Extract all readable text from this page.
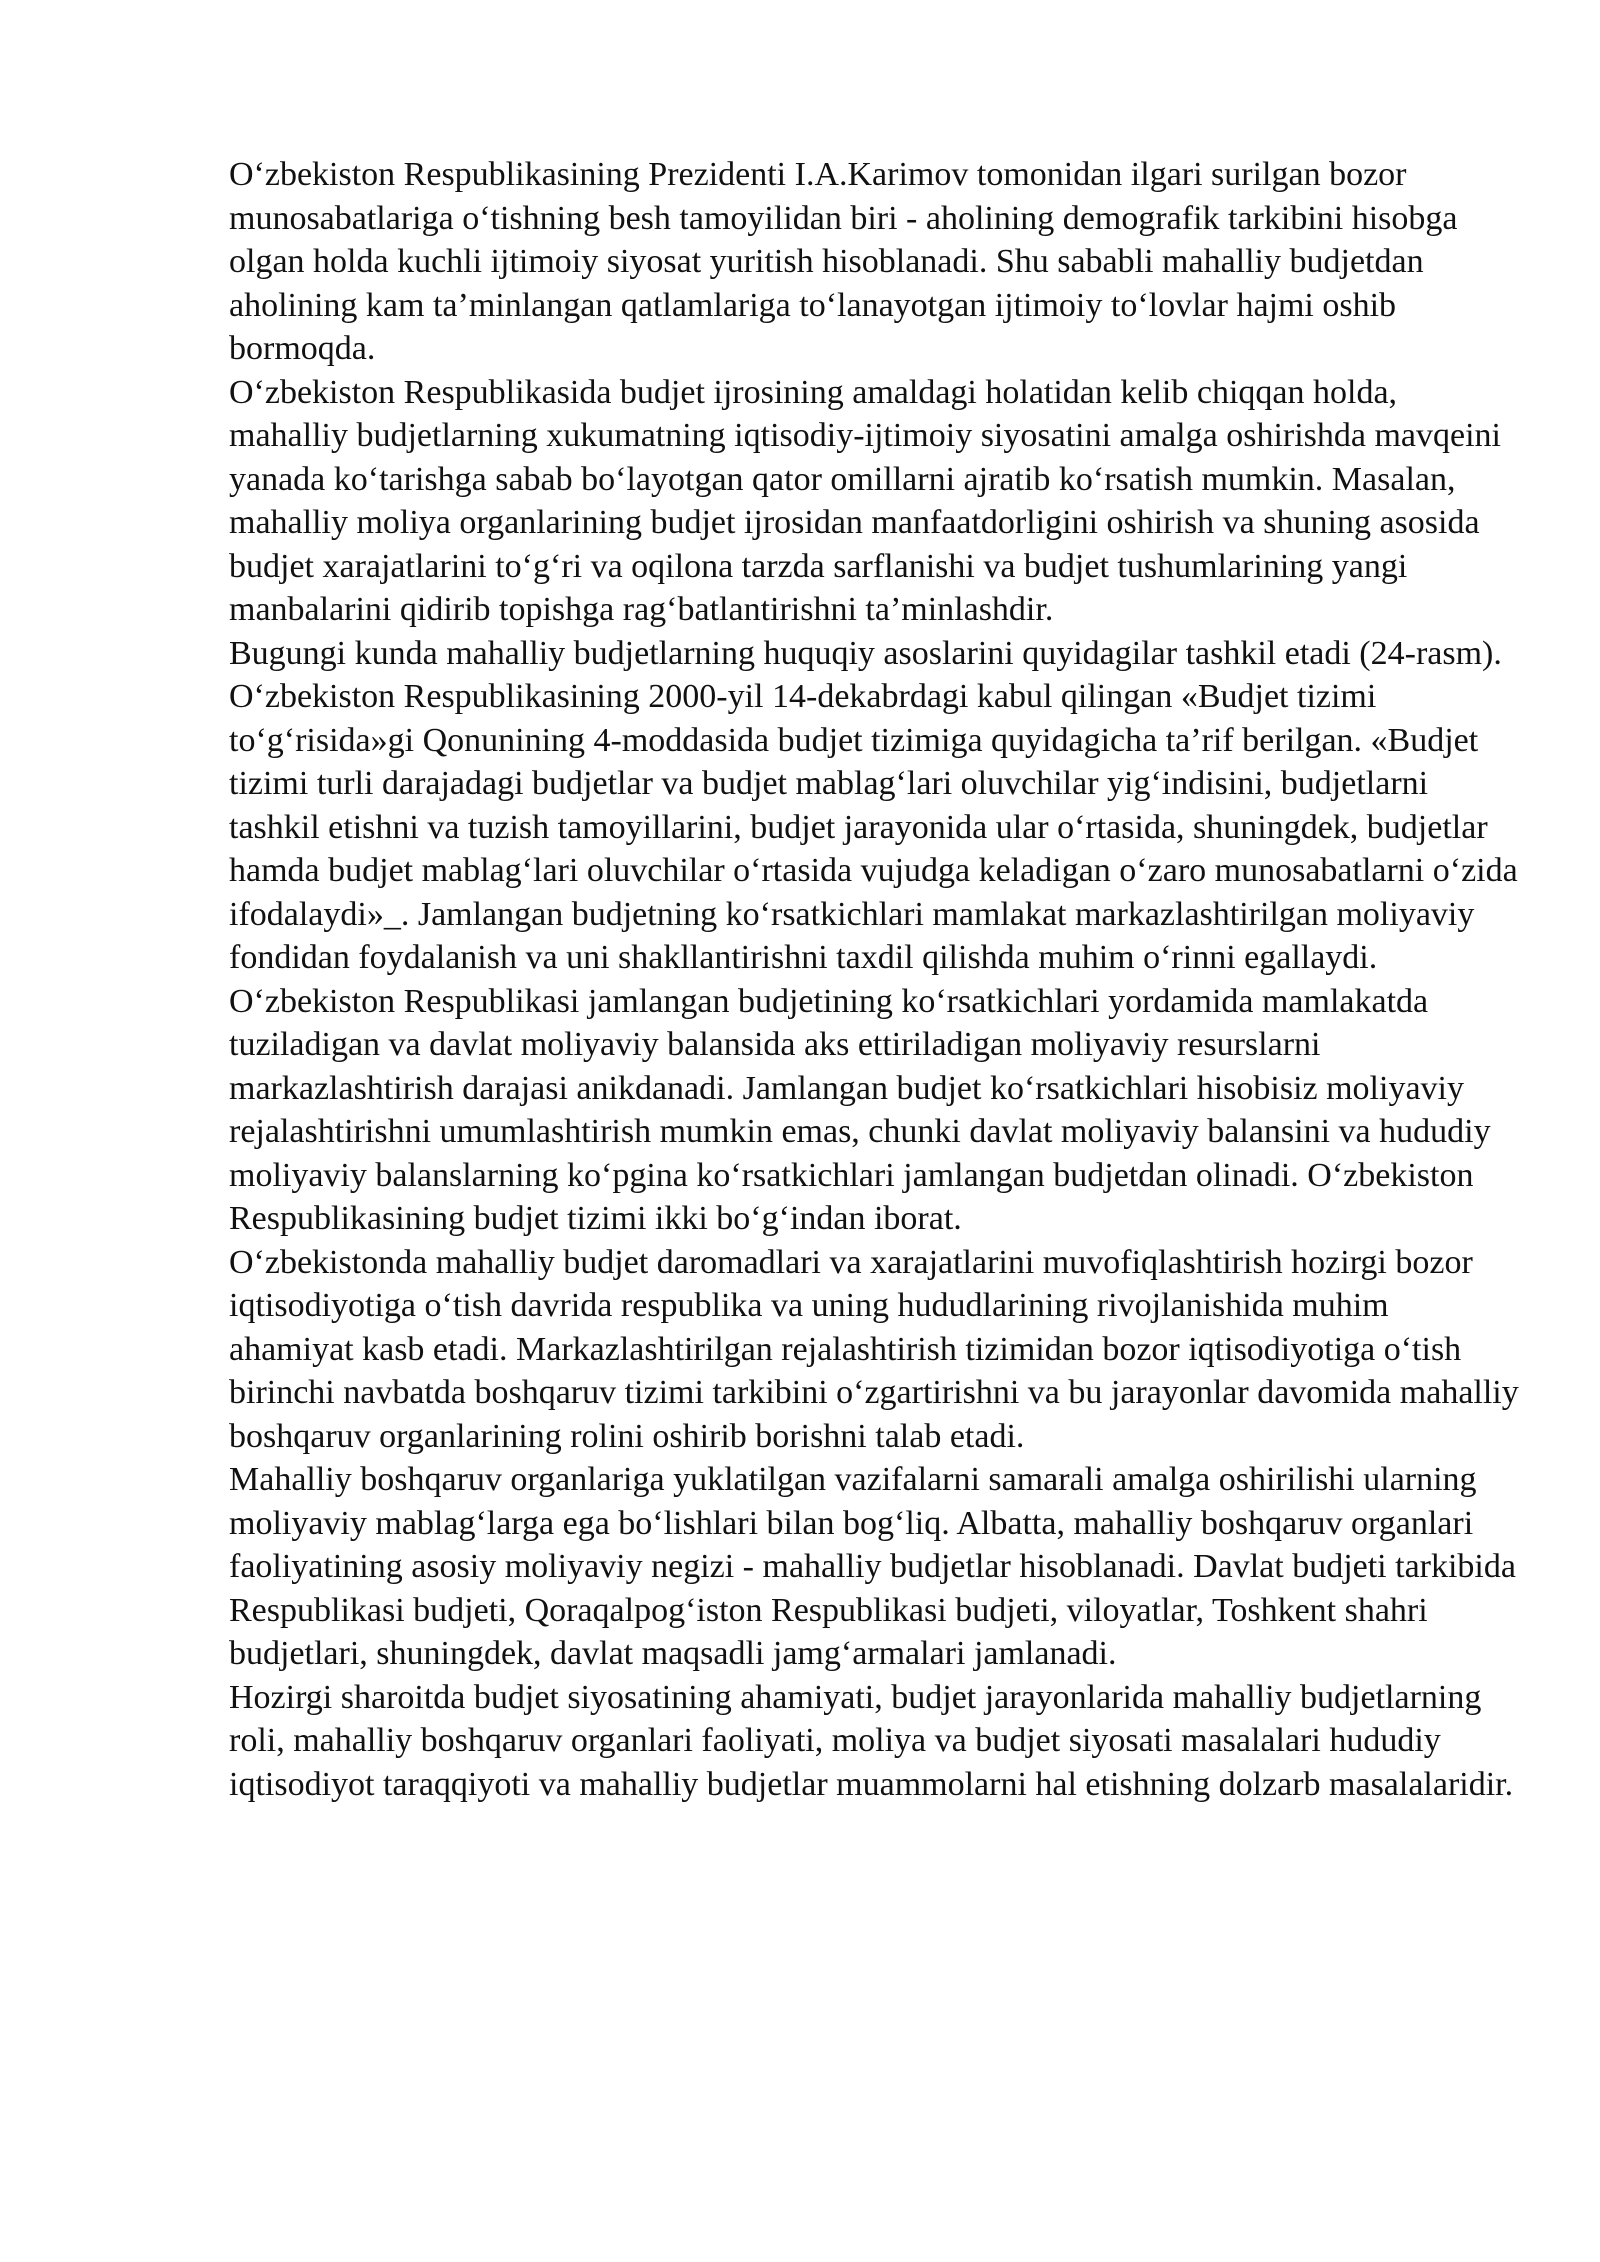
O‘zbekiston Respublikasining Prezidenti I.A.Karimov tomonidan ilgari surilgan bozor munosabatlariga o‘tishning besh tamoyilidan biri - aholining demografik tarkibini hisobga olgan holda kuchli ijtimoiy siyosat yuritish hisoblanadi. Shu sababli mahalliy budjetdan aholining kam ta’minlangan qatlamlariga to‘lanayotgan ijtimoiy to‘lovlar hajmi oshib bormoqda.

O‘zbekiston Respublikasida budjet ijrosining amaldagi holatidan kelib chiqqan holda, mahalliy budjetlarning xukumatning iqtisodiy-ijtimoiy siyosatini amalga oshirishda mavqeini yanada ko‘tarishga sabab bo‘layotgan qator omillarni ajratib ko‘rsatish mumkin. Masalan, mahalliy moliya organlarining budjet ijrosidan manfaatdorligini oshirish va shuning asosida budjet xarajatlarini to‘g‘ri va oqilona tarzda sarflanishi va budjet tushumlarining yangi manbalarini qidirib topishga rag‘batlantirishni ta’minlashdir.

Bugungi kunda mahalliy budjetlarning huquqiy asoslarini quyidagilar tashkil etadi (24-rasm).

O‘zbekiston Respublikasining 2000-yil 14-dekabrdagi kabul qilingan «Budjet tizimi to‘g‘risida»gi Qonunining 4-moddasida budjet tizimiga quyidagicha ta’rif berilgan. «Budjet tizimi turli darajadagi budjetlar va budjet mablag‘lari oluvchilar yig‘indisini, budjetlarni tashkil etishni va tuzish tamoyillarini, budjet jarayonida ular o‘rtasida, shuningdek, budjetlar hamda budjet mablag‘lari oluvchilar o‘rtasida vujudga keladigan o‘zaro munosabatlarni o‘zida ifodalaydi»_. Jamlangan budjetning ko‘rsatkichlari mamlakat markazlashtirilgan moliyaviy fondidan foydalanish va uni shakllantirishni taxdil qilishda muhim o‘rinni egallaydi.

O‘zbekiston Respublikasi jamlangan budjetining ko‘rsatkichlari yordamida mamlakatda tuziladigan va davlat moliyaviy balansida aks ettiriladigan moliyaviy resurslarni markazlashtirish darajasi anikdanadi. Jamlangan budjet ko‘rsatkichlari hisobisiz moliyaviy rejalashtirishni umumlashtirish mumkin emas, chunki davlat moliyaviy balansini va hududiy moliyaviy balanslarning ko‘pgina ko‘rsatkichlari jamlangan budjetdan olinadi. O‘zbekiston Respublikasining budjet tizimi ikki bo‘g‘indan iborat.

O‘zbekistonda mahalliy budjet daromadlari va xarajatlarini muvofiqlashtirish hozirgi bozor iqtisodiyotiga o‘tish davrida respublika va uning hududlarining rivojlanishida muhim ahamiyat kasb etadi. Markazlashtirilgan rejalashtirish tizimidan bozor iqtisodiyotiga o‘tish birinchi navbatda boshqaruv tizimi tarkibini o‘zgartirishni va bu jarayonlar davomida mahalliy boshqaruv organlarining rolini oshirib borishni talab etadi.

Mahalliy boshqaruv organlariga yuklatilgan vazifalarni samarali amalga oshirilishi ularning moliyaviy mablag‘larga ega bo‘lishlari bilan bog‘liq. Albatta, mahalliy boshqaruv organlari faoliyatining asosiy moliyaviy negizi - mahalliy budjetlar hisoblanadi. Davlat budjeti tarkibida Respublikasi budjeti, Qoraqalpog‘iston Respublikasi budjeti, viloyatlar, Toshkent shahri budjetlari, shuningdek, davlat maqsadli jamg‘armalari jamlanadi.

Hozirgi sharoitda budjet siyosatining ahamiyati, budjet jarayonlarida mahalliy budjetlarning roli, mahalliy boshqaruv organlari faoliyati, moliya va budjet siyosati masalalari hududiy iqtisodiyot taraqqiyoti va mahalliy budjetlar muammolarni hal etishning dolzarb masalalaridir.
